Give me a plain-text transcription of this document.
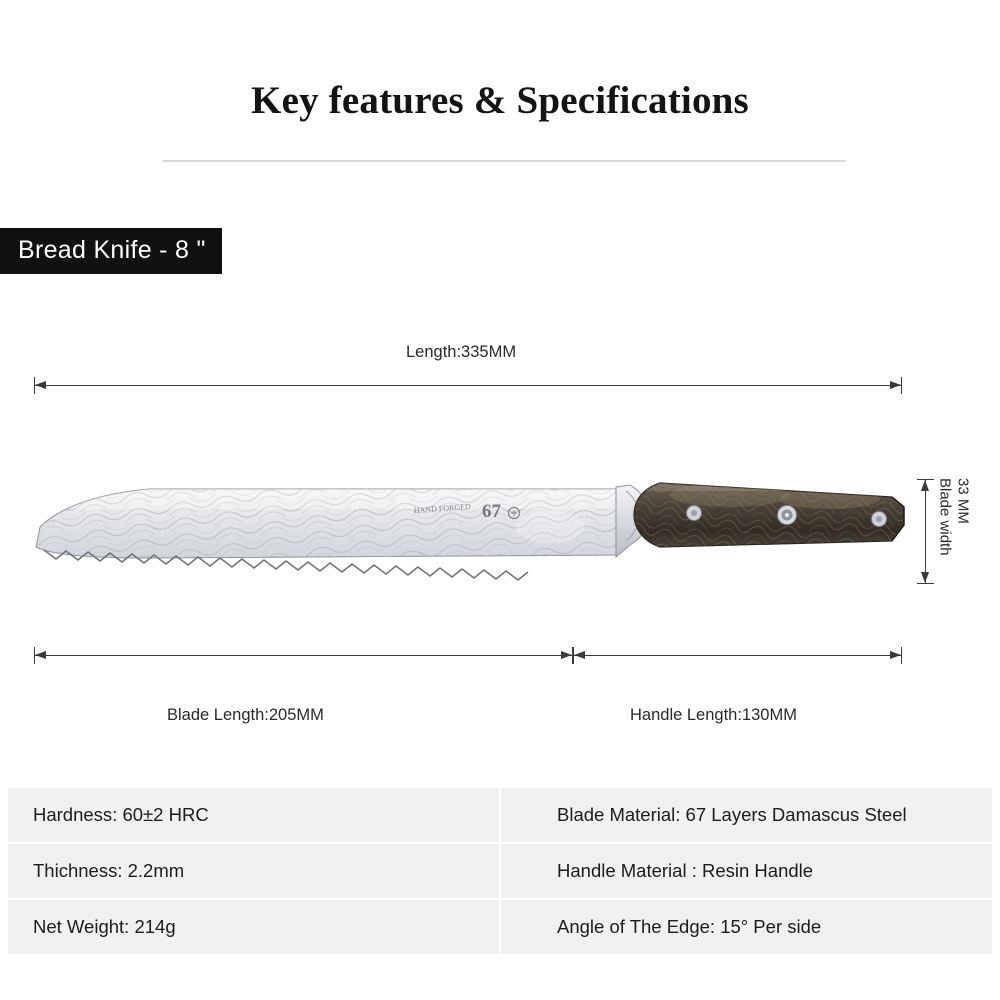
Key features & Specifications
Bread Knife - 8 "
Length:335MM
HAND FORGED 67	Blade width 33 MM
Blade Length:205MM	Handle Length:130MM
Hardness: 60±2 HRC	Blade Material: 67 Layers Damascus Steel
Thichness: 2.2mm	Handle Material : Resin Handle
Net Weight: 214g	Angle of The Edge: 15° Per side
